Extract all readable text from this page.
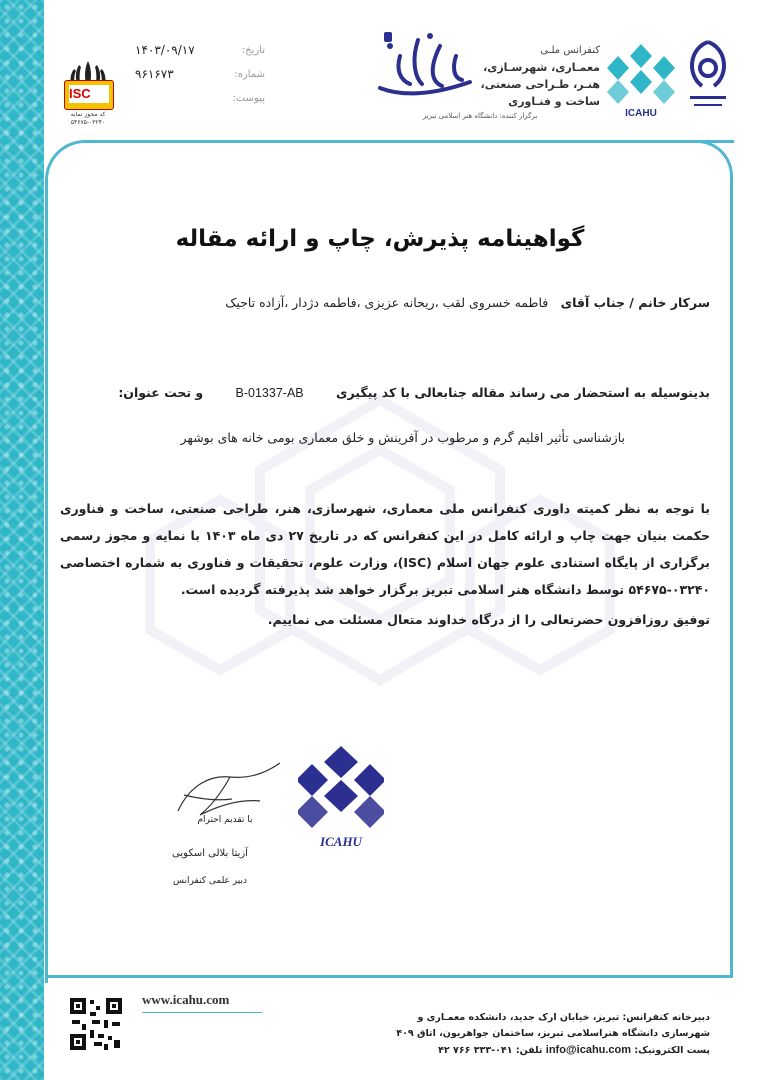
ISC
کد مجوز نمایه ۰۳۲۴۰-۵۴۶۷۵
تاریخ:
۱۴۰۳/۰۹/۱۷
شماره:
۹۶۱۶۷۳
پیوست:
کنفرانس ملـی
معمـاری، شهرسـازی،
هنـر، طـراحی صنعتی،
ساخت و فنـاوری
برگزار کننده: دانشگاه هنر اسلامی تبریز	ICAHU
گواهینامه پذیرش، چاپ و ارائه مقاله
سرکار خانم / جناب آقای فاطمه خسروی لقب ،ریحانه عزیزی ،فاطمه دژدار ،آزاده تاجیک
بدینوسیله به استحضار می رساند مقاله جنابعالی با کد پیگیری B-01337-AB و تحت عنوان:
بازشناسی تأثیر اقلیم گرم و مرطوب در آفرینش و خلق معماری بومی خانه های بوشهر
با توجه به نظر کمیته داوری کنفرانس ملی معماری، شهرسازی، هنر، طراحی صنعتی، ساخت و فناوری حکمت بنیان جهت چاپ و ارائه کامل در این کنفرانس که در تاریخ ۲۷ دی ماه ۱۴۰۳ با نمایه و مجوز رسمی برگزاری از پایگاه استنادی علوم جهان اسلام (ISC)، وزارت علوم، تحقیقات و فناوری به شماره اختصاصی ۰۳۲۴۰-۵۴۶۷۵ توسط دانشگاه هنر اسلامی تبریز برگزار خواهد شد پذیرفته گردیده است.
توفیق روزافزون حضرتعالی را از درگاه خداوند متعال مسئلت می نماییم.
با تقدیم احترام
آزیتا بلالی اسکویی
دبیر علمی کنفرانس
ICAHU
www.icahu.com
دبیرخانه کنفرانس: تبریز، خیابان ارک جدید، دانشکده معمـاری و
شهرسازی دانشگاه هنراسلامی تبریز، ساختمان جواهریون، اتاق ۴۰۹
پست الکترونیک: info@icahu.com تلفن: ۰۴۱-۳۳۳ ۷۶۶ ۴۲
